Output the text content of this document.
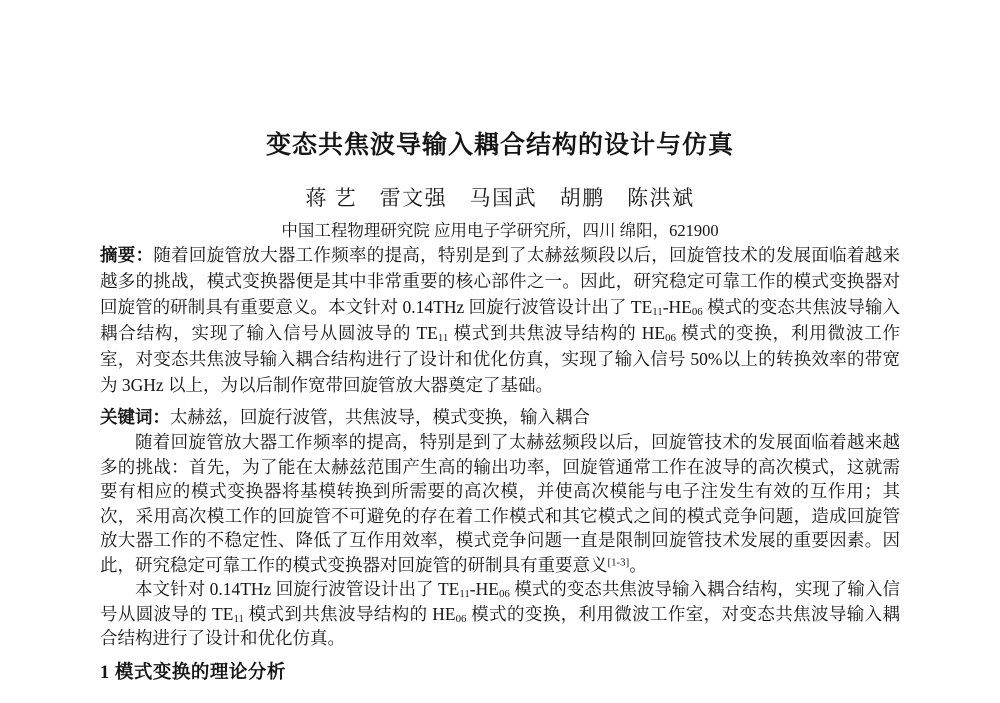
变态共焦波导输入耦合结构的设计与仿真
蒋 艺　雷文强　马国武　胡鹏　陈洪斌
中国工程物理研究院 应用电子学研究所，四川 绵阳，621900

摘要：随着回旋管放大器工作频率的提高，特别是到了太赫兹频段以后，回旋管技术的发展面临着越来越多的挑战，模式变换器便是其中非常重要的核心部件之一。因此，研究稳定可靠工作的模式变换器对回旋管的研制具有重要意义。本文针对 0.14THz 回旋行波管设计出了 $TE_{11}-HE_{06}$ 模式的变态共焦波导输入耦合结构，实现了输入信号从圆波导的 $TE_{11}$ 模式到共焦波导结构的 $HE_{06}$ 模式的变换，利用微波工作室，对变态共焦波导输入耦合结构进行了设计和优化仿真，实现了输入信号 50%以上的转换效率的带宽为 3GHz 以上，为以后制作宽带回旋管放大器奠定了基础。

关键词：太赫兹，回旋行波管，共焦波导，模式变换，输入耦合

随着回旋管放大器工作频率的提高，特别是到了太赫兹频段以后，回旋管技术的发展面临着越来越多的挑战：首先，为了能在太赫兹范围产生高的输出功率，回旋管通常工作在波导的高次模式，这就需要有相应的模式变换器将基模转换到所需要的高次模，并使高次模能与电子注发生有效的互作用；其次，采用高次模工作的回旋管不可避免的存在着工作模式和其它模式之间的模式竞争问题，造成回旋管放大器工作的不稳定性、降低了互作用效率，模式竞争问题一直是限制回旋管技术发展的重要因素。因此，研究稳定可靠工作的模式变换器对回旋管的研制具有重要意义[1-3]。

本文针对 0.14THz 回旋行波管设计出了 $TE_{11}-HE_{06}$ 模式的变态共焦波导输入耦合结构，实现了输入信号从圆波导的 $TE_{11}$ 模式到共焦波导结构的 $HE_{06}$ 模式的变换，利用微波工作室，对变态共焦波导输入耦合结构进行了设计和优化仿真。

1 模式变换的理论分析
